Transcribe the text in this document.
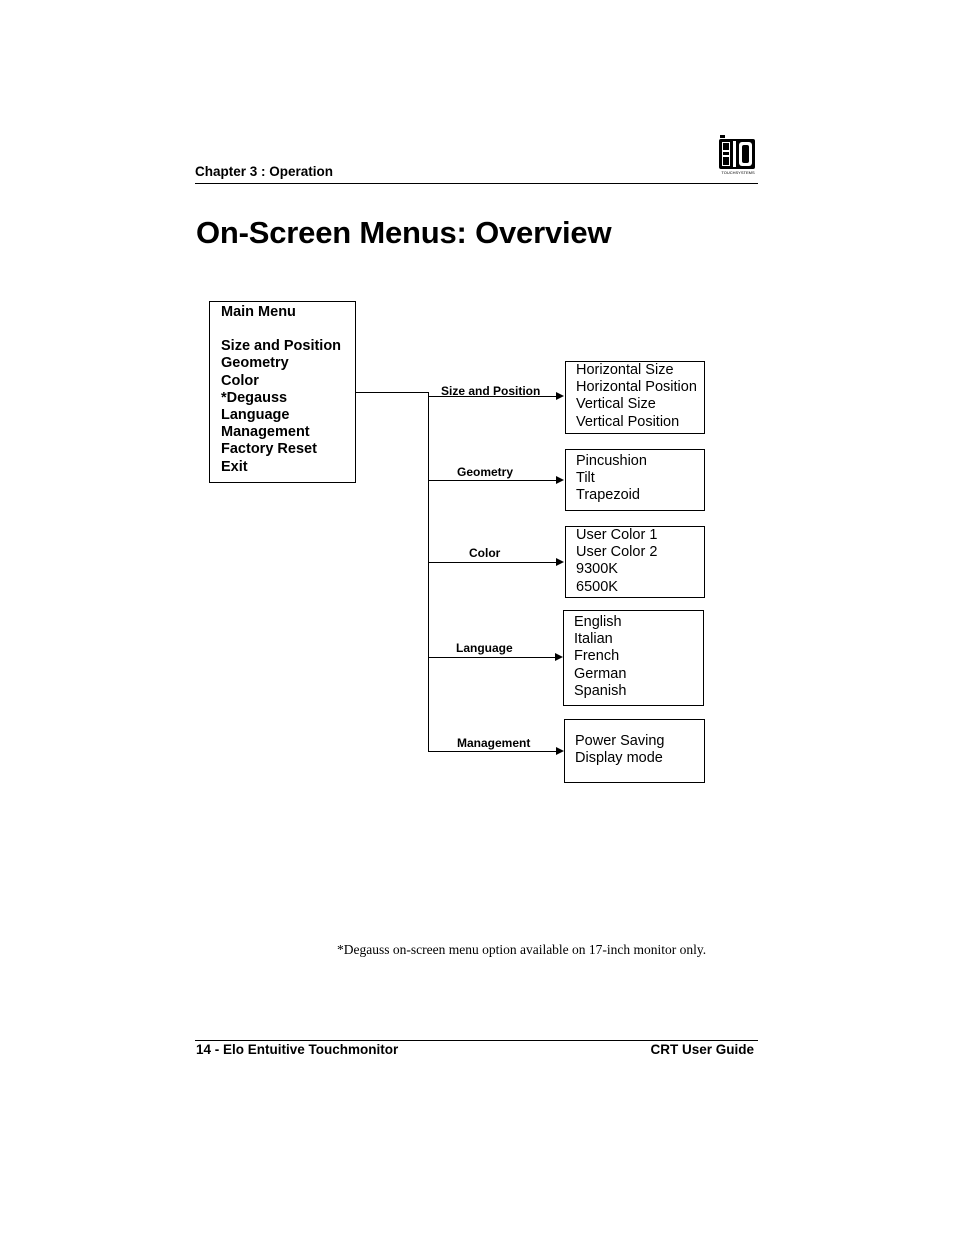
Chapter 3 : Operation	TOUCHSYSTEMS
On-Screen Menus: Overview
Main Menu
Size and Position
Geometry
Color
*Degauss
Language
Management
Factory Reset
Exit
Size and Position
Horizontal Size
Horizontal Position
Vertical Size
Vertical Position
Geometry
Pincushion
Tilt
Trapezoid
Color
User Color 1
User Color 2
9300K
6500K
Language
English
Italian
French
German
Spanish
Management	Power Saving
Display mode
*Degauss on-screen menu option available on 17-inch monitor only.
14 - Elo Entuitive Touchmonitor	CRT User Guide
